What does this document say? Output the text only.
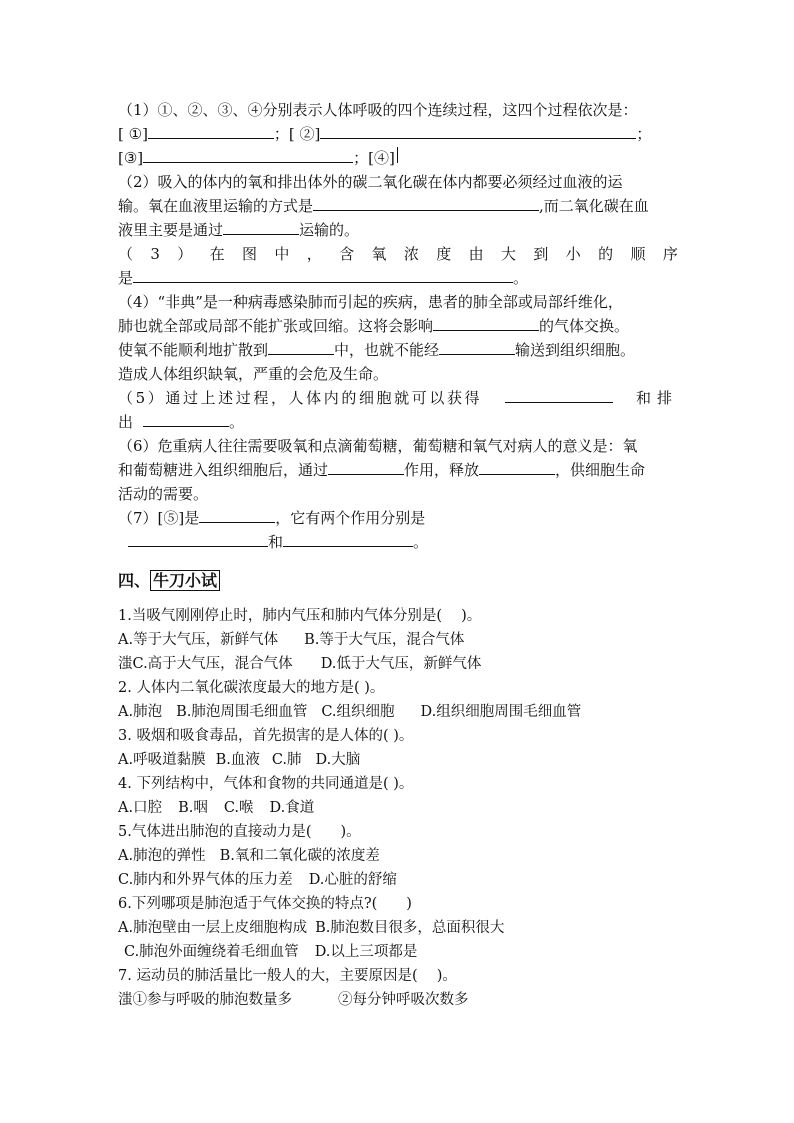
（1）①、②、③、④分别表示人体呼吸的四个连续过程，这四个过程依次是：
[ ①]	；[ ②]	；
[③]	；[④]
（2）吸入的体内的氧和排出体外的碳二氧化碳在体内都要必须经过血液的运
输。氧在血液里运输的方式是	,而二氧化碳在血
液里主要是通过	运输的。
（ 3 ） 在 图 中 ， 含 氧 浓 度 由 大 到 小 的 顺 序
是	。
（4）“非典”是一种病毒感染肺而引起的疾病，患者的肺全部或局部纤维化，
肺也就全部或局部不能扩张或回缩。这将会影响	的气体交换。
使氧不能顺利地扩散到	中，也就不能经	输送到组织细胞。
造成人体组织缺氧，严重的会危及生命。
（5）通过上述过程，人体内的细胞就可以获得	和排
出	。
（6）危重病人往往需要吸氧和点滴葡萄糖，葡萄糖和氧气对病人的意义是：氧
和葡萄糖进入组织细胞后，通过	作用，释放	，供细胞生命
活动的需要。
（7）[⑤]是	，它有两个作用分别是
和	。
四、 牛刀小试
1.当吸气刚刚停止时，肺内气压和肺内气体分别是(　 )。
A.等于大气压，新鲜气体 B.等于大气压，混合气体
滍C.高于大气压，混合气体 D.低于大气压，新鲜气体
2. 人体内二氧化碳浓度最大的地方是( )。
A.肺泡 B.肺泡周围毛细血管 C.组织细胞 D.组织细胞周围毛细血管
3. 吸烟和吸食毒品，首先损害的是人体的( )。
A.呼吸道黏膜 B.血液 C.肺 D.大脑
4. 下列结构中，气体和食物的共同通道是( )。
A.口腔 B.咽 C.喉 D.食道
5.气体进出肺泡的直接动力是(　　)。
A.肺泡的弹性 B.氧和二氧化碳的浓度差
C.肺内和外界气体的压力差 D.心脏的舒缩
6.下列哪项是肺泡适于气体交换的特点?(　　)
A.肺泡壁由一层上皮细胞构成 B.肺泡数目很多，总面积很大
C.肺泡外面缠绕着毛细血管 D.以上三项都是
7. 运动员的肺活量比一般人的大，主要原因是(　 )。
滍①参与呼吸的肺泡数量多	②每分钟呼吸次数多
